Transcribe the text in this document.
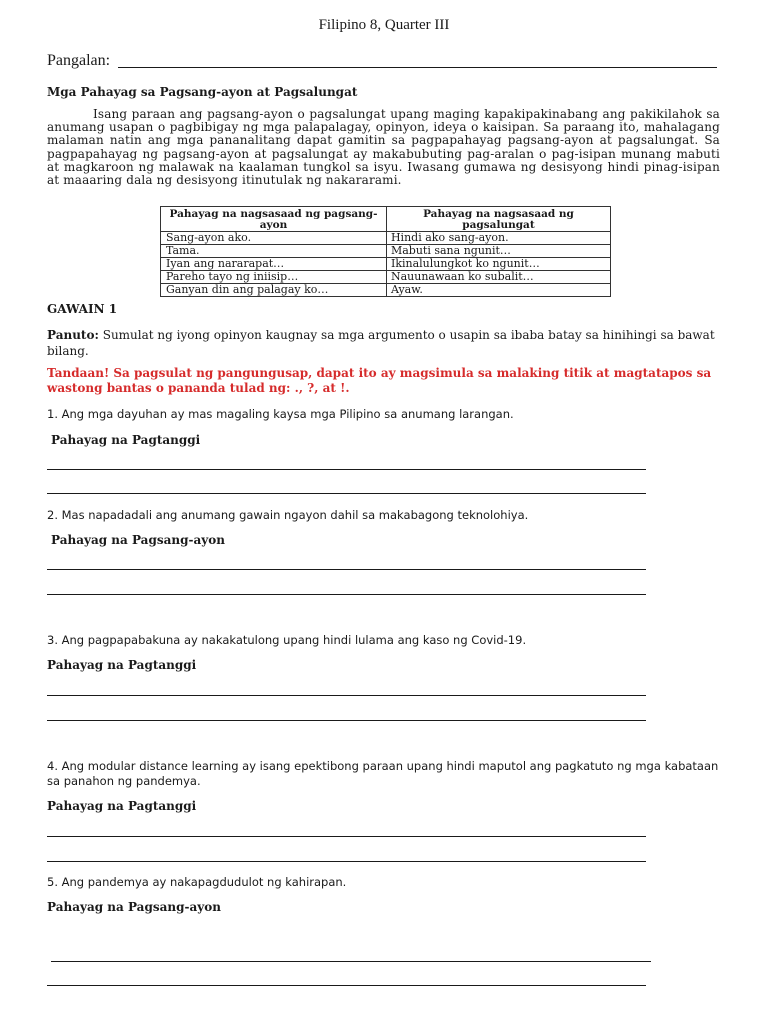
Filipino 8, Quarter III
Pangalan:
Mga Pahayag sa Pagsang-ayon at Pagsalungat
Isang paraan ang pagsang-ayon o pagsalungat upang maging kapakipakinabang ang pakikilahok sa anumang usapan o pagbibigay ng mga palapalagay, opinyon, ideya o kaisipan. Sa paraang ito, mahalagang malaman natin ang mga pananalitang dapat gamitin sa pagpapahayag pagsang-ayon at pagsalungat. Sa pagpapahayag ng pagsang-ayon at pagsalungat ay makabubuting pag-aralan o pag-isipan munang mabuti at magkaroon ng malawak na kaalaman tungkol sa isyu. Iwasang gumawa ng desisyong hindi pinag-isipan at maaaring dala ng desisyong itinutulak ng nakararami.
Pahayag na nagsasaad ng pagsang-ayon	Pahayag na nagsasaad ng pagsalungat
Sang-ayon ako.	Hindi ako sang-ayon.
Tama.	Mabuti sana ngunit…
Iyan ang nararapat…	Ikinalulungkot ko ngunit…
Pareho tayo ng iniisip…	Nauunawaan ko subalit…
Ganyan din ang palagay ko…	Ayaw.
GAWAIN 1
Panuto: Sumulat ng iyong opinyon kaugnay sa mga argumento o usapin sa ibaba batay sa hinihingi sa bawat bilang.
Tandaan! Sa pagsulat ng pangungusap, dapat ito ay magsimula sa malaking titik at magtatapos sa wastong bantas o pananda tulad ng: ., ?, at !.
1. Ang mga dayuhan ay mas magaling kaysa mga Pilipino sa anumang larangan.
Pahayag na Pagtanggi
2. Mas napadadali ang anumang gawain ngayon dahil sa makabagong teknolohiya.
Pahayag na Pagsang-ayon
3. Ang pagpapabakuna ay nakakatulong upang hindi lulama ang kaso ng Covid-19.
Pahayag na Pagtanggi
4. Ang modular distance learning ay isang epektibong paraan upang hindi maputol ang pagkatuto ng mga kabataan sa panahon ng pandemya.
Pahayag na Pagtanggi
5. Ang pandemya ay nakapagdudulot ng kahirapan.
Pahayag na Pagsang-ayon
